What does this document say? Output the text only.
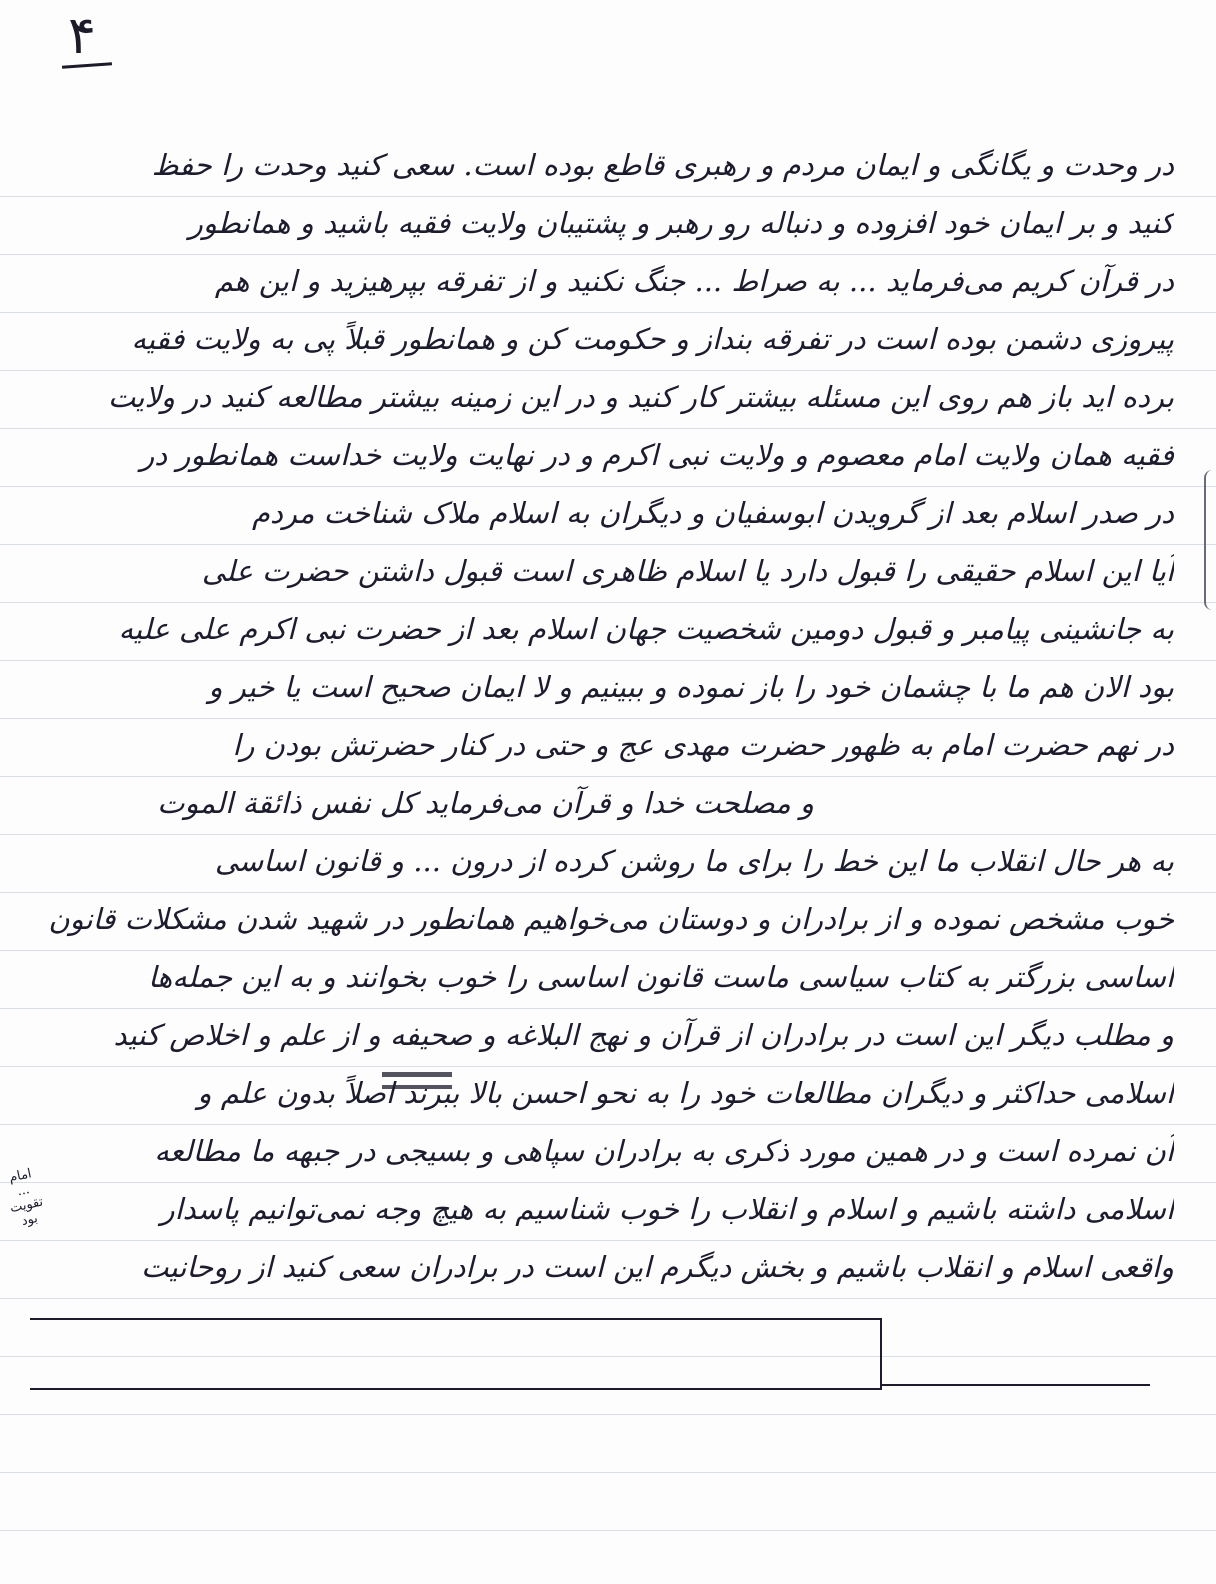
۴
در وحدت و یگانگی و ایمان مردم و رهبری قاطع بوده است. سعی کنید وحدت را حفظ
کنید و بر ایمان خود افزوده و دنباله رو رهبر و پشتیبان ولایت فقیه باشید و همانطور
در قرآن کریم می‌فرماید ... به صراط ... جنگ نکنید و از تفرقه بپرهیزید و این هم
پیروزی دشمن بوده است در تفرقه بنداز و حکومت کن و همانطور قبلاً پی به ولایت فقیه
برده اید باز هم روی این مسئله بیشتر کار کنید و در این زمینه بیشتر مطالعه کنید در ولایت
فقیه همان ولایت امام معصوم و ولایت نبی اکرم و در نهایت ولایت خداست همانطور در
در صدر اسلام بعد از گرویدن ابوسفیان و دیگران به اسلام ملاک شناخت مردم
آیا این اسلام حقیقی را قبول دارد یا اسلام ظاهری است قبول داشتن حضرت علی
به جانشینی پیامبر و قبول دومین شخصیت جهان اسلام بعد از حضرت نبی اکرم علی علیه
بود الان هم ما با چشمان خود را باز نموده و ببینیم و لا ایمان صحیح است یا خیر و
در نهم حضرت امام به ظهور حضرت مهدی عج و حتی در کنار حضرتش بودن را
و مصلحت خدا و قرآن می‌فرماید کل نفس ذائقة الموت
به هر حال انقلاب ما این خط را برای ما روشن کرده از درون ... و قانون اساسی
خوب مشخص نموده و از برادران و دوستان می‌خواهیم همانطور در شهید شدن مشکلات قانون
اساسی بزرگتر به کتاب سیاسی ماست قانون اساسی را خوب بخوانند و به این جمله‌ها
و مطلب دیگر این است در برادران از قرآن و نهج البلاغه و صحیفه و از علم و اخلاص کنید
اسلامی حداکثر و دیگران مطالعات خود را به نحو احسن بالا ببرند اصلاً بدون علم و
آن نمرده است و در همین مورد ذکری به برادران سپاهی و بسیجی در جبهه ما مطالعه
اسلامی داشته باشیم و اسلام و انقلاب را خوب شناسیم به هیچ وجه نمی‌توانیم پاسدار
واقعی اسلام و انقلاب باشیم و بخش دیگرم این است در برادران سعی کنید از روحانیت
امام ... تقویت بود
